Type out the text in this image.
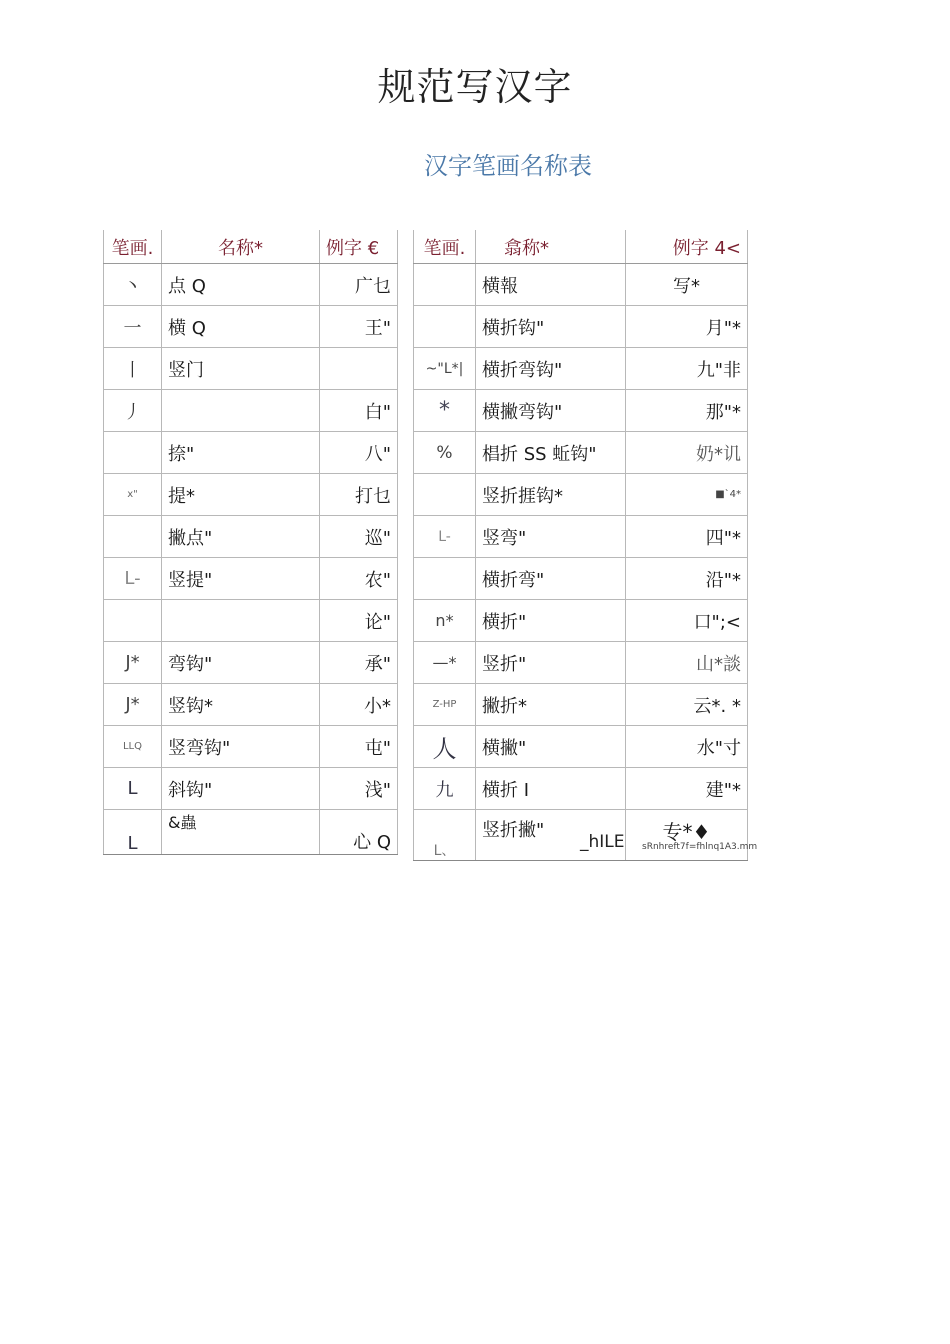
规范写汉字
汉字笔画名称表
笔画.	名称*	例字 €
丶	点 Q	广乜
一	横 Q	王"
丨	竖门	
丿		白"
	捺"	八"
x"	提*	打乜
	撇点"	巡"
L-	竖提"	农"
		论"
J*	弯钩"	承"
J*	竖钩*	小*
LLQ	竖弯钩"	屯"
L	斜钩"	浅"
L	&蟲	心 Q
笔画.	翕称*	例字 4<
	横報	写*
	横折钩"	月"*
~"L*|	横折弯钩"	九"非
*	横撇弯钩"	那"*
%	椙折 SS 蚯钩"	奶*讥
	竖折捱钩*	■`4*
L-	竖弯"	四"*
	横折弯"	沿"*
n*	横折"	口";<
—*	竖折"	山*談
Z-HP	撇折*	云*. *
人	横撇"	水"寸
九	横折 I	建"*
L、	竖折撇"	专*♦
_hILE sRnhreft7f=fhlnq1A3.mm
